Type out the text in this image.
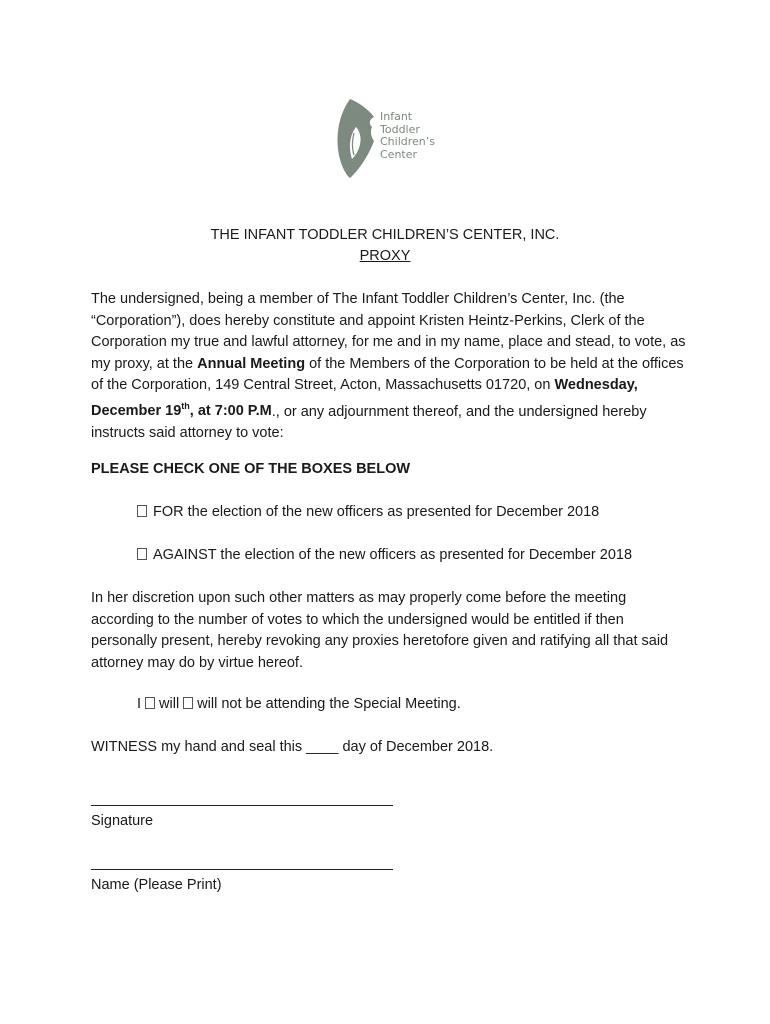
Infant
Toddler
Children’s
Center
THE INFANT TODDLER CHILDREN’S CENTER, INC.
PROXY
The undersigned, being a member of The Infant Toddler Children’s Center, Inc. (the “Corporation”), does hereby constitute and appoint Kristen Heintz-Perkins, Clerk of the Corporation my true and lawful attorney, for me and in my name, place and stead, to vote, as my proxy, at the Annual Meeting of the Members of the Corporation to be held at the offices of the Corporation, 149 Central Street, Acton, Massachusetts 01720, on Wednesday, December 19th, at 7:00 P.M., or any adjournment thereof, and the undersigned hereby instructs said attorney to vote:
PLEASE CHECK ONE OF THE BOXES BELOW
FOR the election of the new officers as presented for December 2018
AGAINST the election of the new officers as presented for December 2018
In her discretion upon such other matters as may properly come before the meeting according to the number of votes to which the undersigned would be entitled if then personally present, hereby revoking any proxies heretofore given and ratifying all that said attorney may do by virtue hereof.
I will will not be attending the Special Meeting.
WITNESS my hand and seal this ____ day of December 2018.
Signature
Name (Please Print)
